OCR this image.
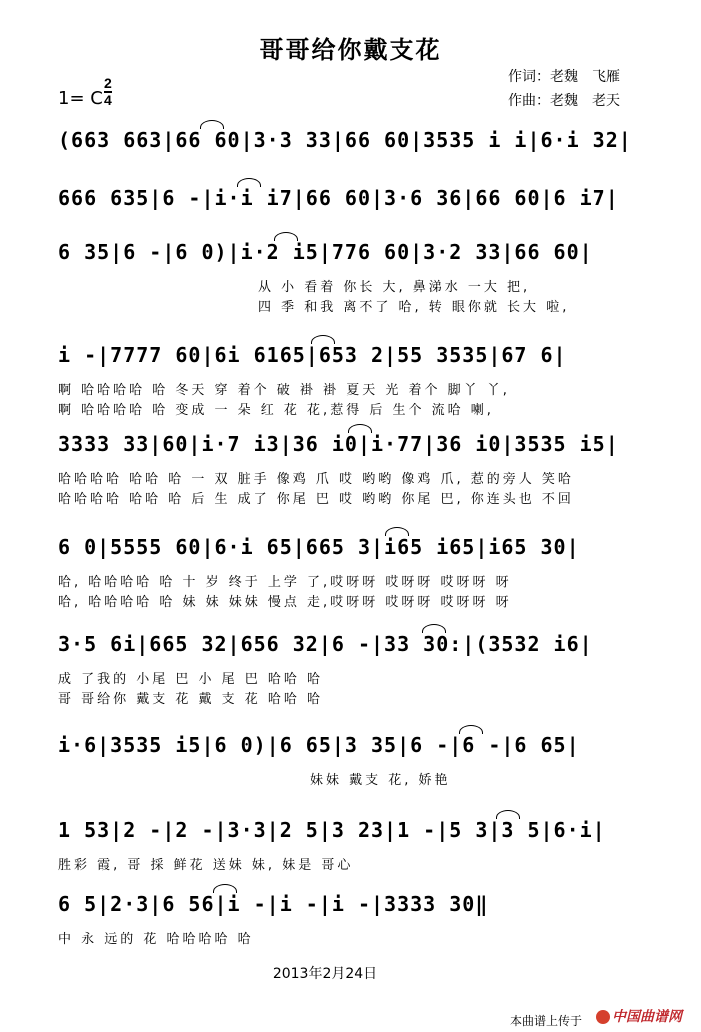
哥哥给你戴支花
作词：老魏　飞雁
作曲：老魏　老天
1= C $\frac{2}{4}$
(663 663|66 60|3·3 33|66 60|3535 i i|6·i 32|
666 635|6 -|i·i i7|66 60|3·6 36|66 60|6 i7|
6 35|6 -|6 0)|i·2 i5|776 60|3·2 33|66 60|
从 小 看着 你长 大, 鼻涕水 一大 把,
四 季 和我 离不了 哈, 转 眼你就 长大 啦,
i -|7777 60|6i 6165|653 2|55 3535|67 6|
啊 哈哈哈哈 哈 冬天 穿 着个 破 褂 褂 夏天 光 着个 脚丫 丫,
啊 哈哈哈哈 哈 变成 一 朵 红 花 花,惹得 后 生个 流哈 喇,
3333 33|60|i·7 i3|36 i0|i·77|36 i0|3535 i5|
哈哈哈哈 哈哈 哈 一 双 脏手 像鸡 爪 哎 哟哟 像鸡 爪, 惹的旁人 笑哈
哈哈哈哈 哈哈 哈 后 生 成了 你尾 巴 哎 哟哟 你尾 巴, 你连头也 不回
6 0|5555 60|6·i 65|665 3|i65 i65|i65 30|
哈, 哈哈哈哈 哈 十 岁 终于 上学 了,哎呀呀 哎呀呀 哎呀呀 呀
哈, 哈哈哈哈 哈 妹 妹 妹妹 慢点 走,哎呀呀 哎呀呀 哎呀呀 呀
3·5 6i|665 32|656 32|6 -|33 30:|(3532 i6|
成 了我的 小尾 巴 小 尾 巴 哈哈 哈
哥 哥给你 戴支 花 戴 支 花 哈哈 哈
i·6|3535 i5|6 0)|6 65|3 35|6 -|6 -|6 65|
妹妹 戴支 花, 娇艳
1 53|2 -|2 -|3·3|2 5|3 23|1 -|5 3|3 5|6·i|
胜彩 霞, 哥 採 鲜花 送妹 妹, 妹是 哥心
6 5|2·3|6 56|i -|i -|i -|3333 30‖
中 永 远的 花 哈哈哈哈 哈
2013年2月24日
本曲谱上传于	中国曲谱网
